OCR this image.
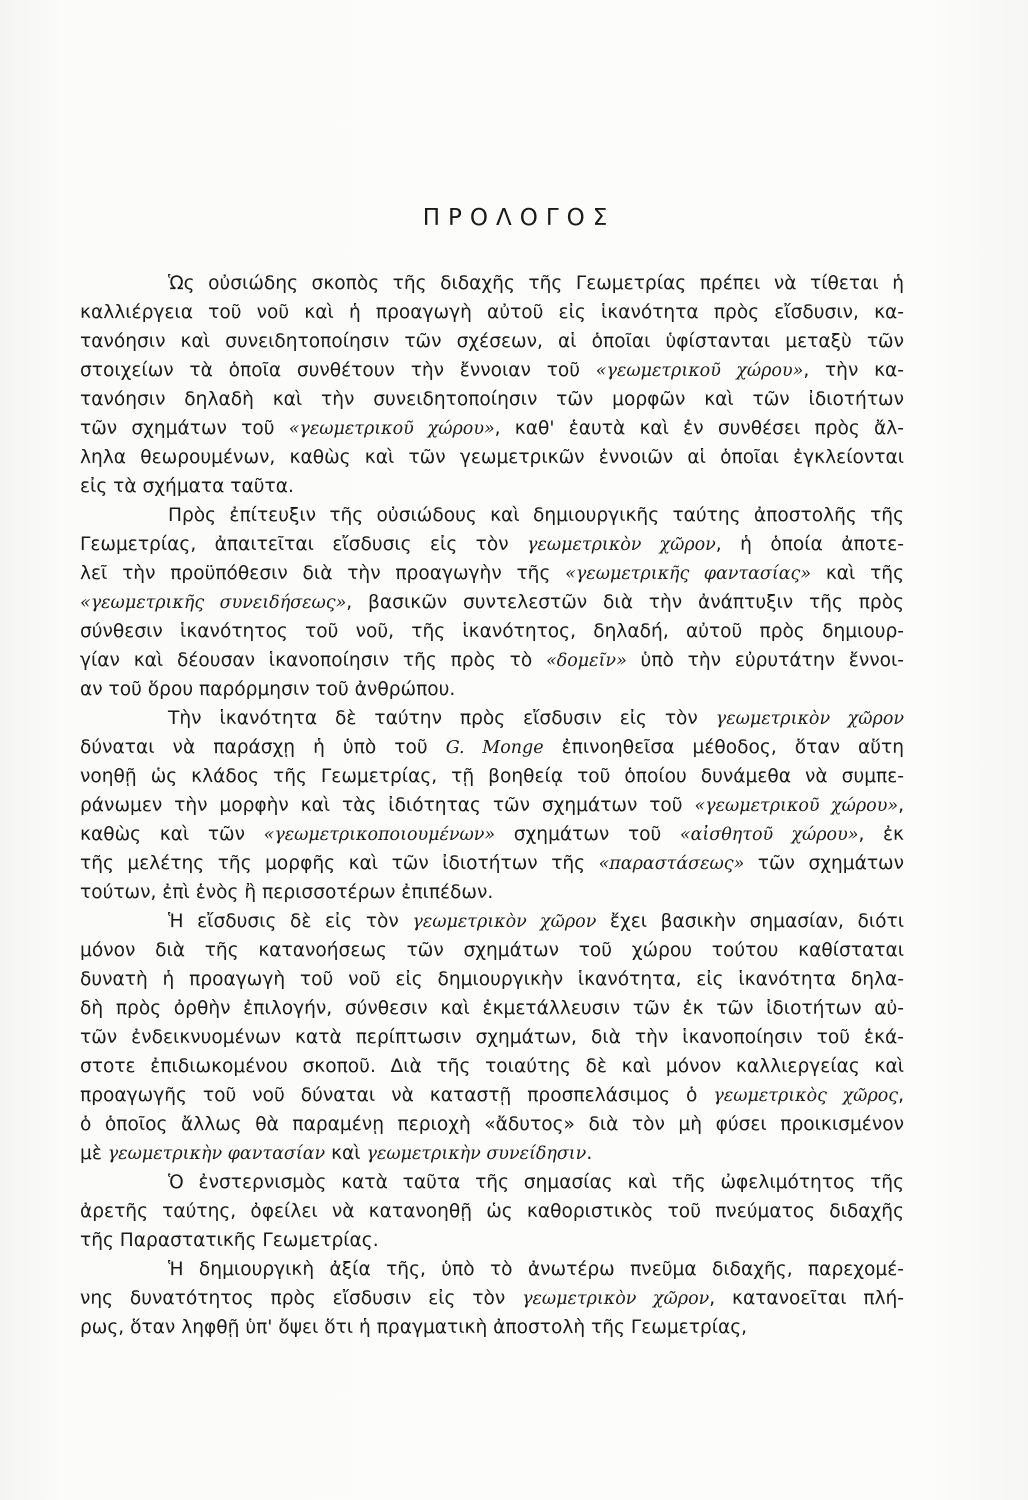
ΠΡΟΛΟΓΟΣ
Ὡς οὐσιώδης σκοπὸς τῆς διδαχῆς τῆς Γεωμετρίας πρέπει νὰ τίθεται ἡ
καλλιέργεια τοῦ νοῦ καὶ ἡ προαγωγὴ αὐτοῦ εἰς ἱκανότητα πρὸς εἴσδυσιν, κα-
τανόησιν καὶ συνειδητοποίησιν τῶν σχέσεων, αἱ ὁποῖαι ὑφίστανται μεταξὺ τῶν
στοιχείων τὰ ὁποῖα συνθέτουν τὴν ἔννοιαν τοῦ «γεωμετρικοῦ χώρου», τὴν κα-
τανόησιν δηλαδὴ καὶ τὴν συνειδητοποίησιν τῶν μορφῶν καὶ τῶν ἰδιοτήτων
τῶν σχημάτων τοῦ «γεωμετρικοῦ χώρου», καθ' ἑαυτὰ καὶ ἐν συνθέσει πρὸς ἄλ-
ληλα θεωρουμένων, καθὼς καὶ τῶν γεωμετρικῶν ἐννοιῶν αἱ ὁποῖαι ἐγκλείονται
εἰς τὰ σχήματα ταῦτα.
Πρὸς ἐπίτευξιν τῆς οὐσιώδους καὶ δημιουργικῆς ταύτης ἀποστολῆς τῆς
Γεωμετρίας, ἀπαιτεῖται εἴσδυσις εἰς τὸν γεωμετρικὸν χῶρον, ἡ ὁποία ἀποτε-
λεῖ τὴν προϋπόθεσιν διὰ τὴν προαγωγὴν τῆς «γεωμετρικῆς φαντασίας» καὶ τῆς
«γεωμετρικῆς συνειδήσεως», βασικῶν συντελεστῶν διὰ τὴν ἀνάπτυξιν τῆς πρὸς
σύνθεσιν ἱκανότητος τοῦ νοῦ, τῆς ἱκανότητος, δηλαδή, αὐτοῦ πρὸς δημιουρ-
γίαν καὶ δέουσαν ἱκανοποίησιν τῆς πρὸς τὸ «δομεῖν» ὑπὸ τὴν εὐρυτάτην ἔννοι-
αν τοῦ ὅρου παρόρμησιν τοῦ ἀνθρώπου.
Τὴν ἱκανότητα δὲ ταύτην πρὸς εἴσδυσιν εἰς τὸν γεωμετρικὸν χῶρον
δύναται νὰ παράσχῃ ἡ ὑπὸ τοῦ G. Monge ἐπινοηθεῖσα μέθοδος, ὅταν αὕτη
νοηθῇ ὡς κλάδος τῆς Γεωμετρίας, τῇ βοηθείᾳ τοῦ ὁποίου δυνάμεθα νὰ συμπε-
ράνωμεν τὴν μορφὴν καὶ τὰς ἰδιότητας τῶν σχημάτων τοῦ «γεωμετρικοῦ χώρου»,
καθὼς καὶ τῶν «γεωμετρικοποιουμένων» σχημάτων τοῦ «αἰσθητοῦ χώρου», ἐκ
τῆς μελέτης τῆς μορφῆς καὶ τῶν ἰδιοτήτων τῆς «παραστάσεως» τῶν σχημάτων
τούτων, ἐπὶ ἑνὸς ἢ περισσοτέρων ἐπιπέδων.
Ἡ εἴσδυσις δὲ εἰς τὸν γεωμετρικὸν χῶρον ἔχει βασικὴν σημασίαν, διότι
μόνον διὰ τῆς κατανοήσεως τῶν σχημάτων τοῦ χώρου τούτου καθίσταται
δυνατὴ ἡ προαγωγὴ τοῦ νοῦ εἰς δημιουργικὴν ἱκανότητα, εἰς ἱκανότητα δηλα-
δὴ πρὸς ὀρθὴν ἐπιλογήν, σύνθεσιν καὶ ἐκμετάλλευσιν τῶν ἐκ τῶν ἰδιοτήτων αὐ-
τῶν ἐνδεικνυομένων κατὰ περίπτωσιν σχημάτων, διὰ τὴν ἱκανοποίησιν τοῦ ἑκά-
στοτε ἐπιδιωκομένου σκοποῦ. Διὰ τῆς τοιαύτης δὲ καὶ μόνον καλλιεργείας καὶ
προαγωγῆς τοῦ νοῦ δύναται νὰ καταστῇ προσπελάσιμος ὁ γεωμετρικὸς χῶρος,
ὁ ὁποῖος ἄλλως θὰ παραμένῃ περιοχὴ «ἄδυτος» διὰ τὸν μὴ φύσει προικισμένον
μὲ γεωμετρικὴν φαντασίαν καὶ γεωμετρικὴν συνείδησιν.
Ὁ ἐνστερνισμὸς κατὰ ταῦτα τῆς σημασίας καὶ τῆς ὠφελιμότητος τῆς
ἀρετῆς ταύτης, ὀφείλει νὰ κατανοηθῇ ὡς καθοριστικὸς τοῦ πνεύματος διδαχῆς
τῆς Παραστατικῆς Γεωμετρίας.
Ἡ δημιουργικὴ ἀξία τῆς, ὑπὸ τὸ ἀνωτέρω πνεῦμα διδαχῆς, παρεχομέ-
νης δυνατότητος πρὸς εἴσδυσιν εἰς τὸν γεωμετρικὸν χῶρον, κατανοεῖται πλή-
ρως, ὅταν ληφθῇ ὑπ' ὄψει ὅτι ἡ πραγματικὴ ἀποστολὴ τῆς Γεωμετρίας,
